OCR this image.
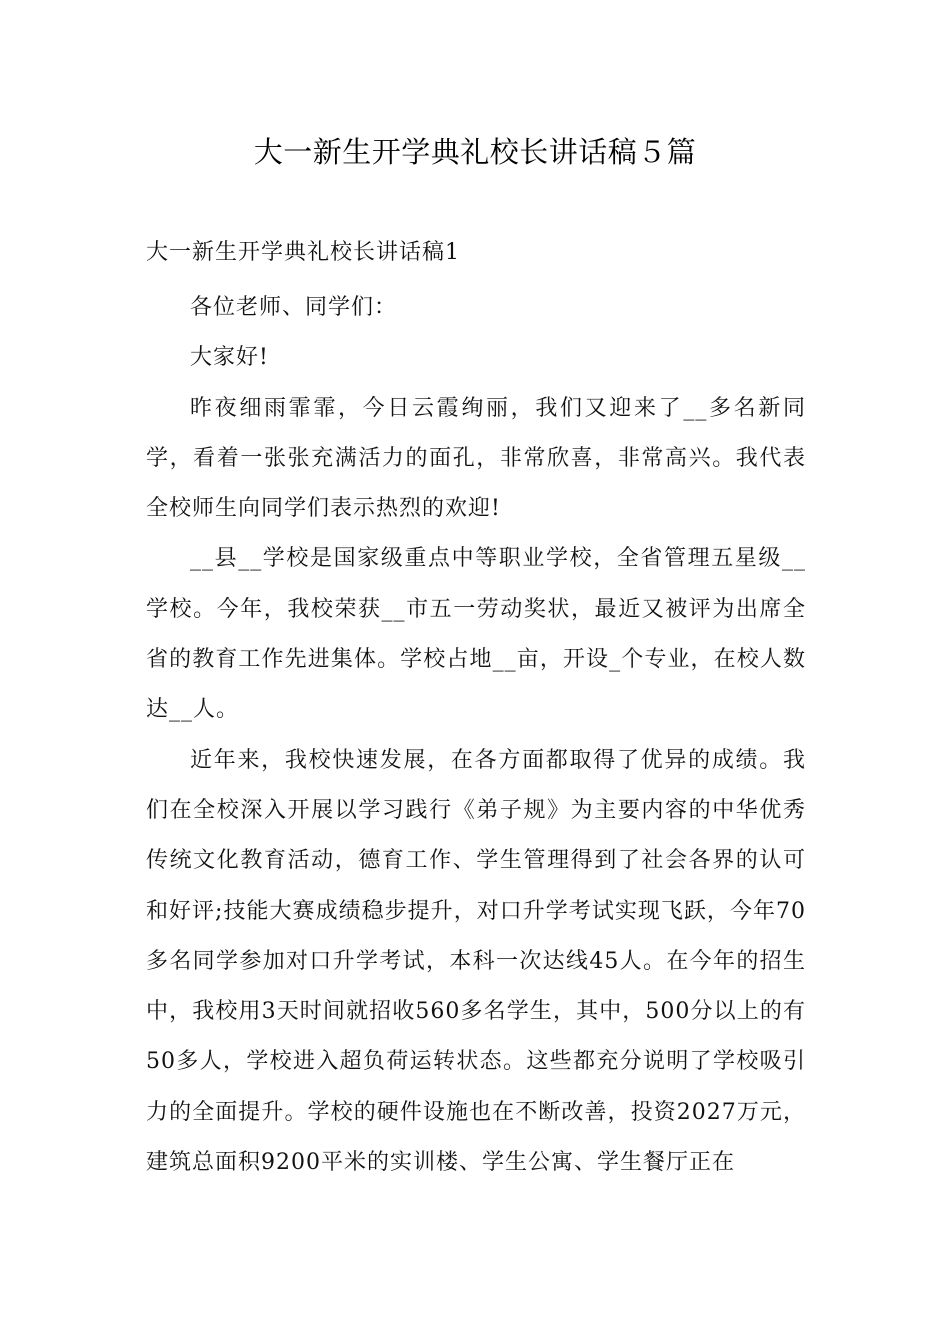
大一新生开学典礼校长讲话稿５篇
大一新生开学典礼校长讲话稿1

各位老师、同学们：

大家好!

昨夜细雨霏霏，今日云霞绚丽，我们又迎来了__多名新同学，看着一张张充满活力的面孔，非常欣喜，非常高兴。我代表全校师生向同学们表示热烈的欢迎!

__县__学校是国家级重点中等职业学校，全省管理五星级__学校。今年，我校荣获__市五一劳动奖状，最近又被评为出席全省的教育工作先进集体。学校占地__亩，开设_个专业，在校人数达__人。

近年来，我校快速发展，在各方面都取得了优异的成绩。我们在全校深入开展以学习践行《弟子规》为主要内容的中华优秀传统文化教育活动，德育工作、学生管理得到了社会各界的认可和好评;技能大赛成绩稳步提升，对口升学考试实现飞跃，今年70多名同学参加对口升学考试，本科一次达线45人。在今年的招生中，我校用3天时间就招收560多名学生，其中，500分以上的有50多人，学校进入超负荷运转状态。这些都充分说明了学校吸引力的全面提升。学校的硬件设施也在不断改善，投资2027万元，建筑总面积9200平米的实训楼、学生公寓、学生餐厅正在
